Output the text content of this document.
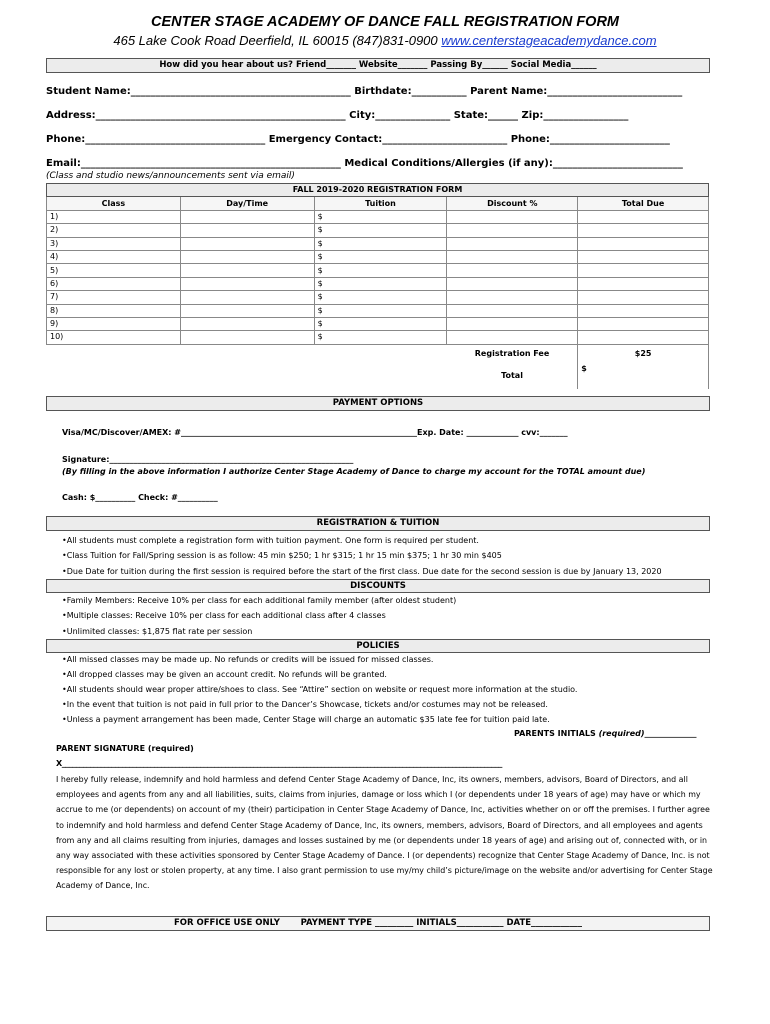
CENTER STAGE ACADEMY OF DANCE FALL REGISTRATION FORM
465 Lake Cook Road Deerfield, IL 60015 (847)831-0900 www.centerstageacademydance.com
How did you hear about us? Friend_______ Website_______ Passing By______ Social Media______
Student Name:____________________________________________ Birthdate:___________ Parent Name:___________________________
Address:__________________________________________________ City:_______________ State:______ Zip:_________________
Phone:____________________________________ Emergency Contact:_________________________ Phone:________________________
Email:____________________________________________________ Medical Conditions/Allergies (if any):__________________________
(Class and studio news/announcements sent via email)
FALL 2019-2020 REGISTRATION FORM				
Class	Day/Time	Tuition	Discount %	Total Due
1)		$		
2)		$		
3)		$		
4)		$		
5)		$		
6)		$		
7)		$		
8)		$		
9)		$		
10)		$		
			Registration Fee	$25
			Total	$
PAYMENT OPTIONS
Visa/MC/Discover/AMEX: #___________________________________________________________Exp. Date: _____________ cvv:_______
Signature:_____________________________________________________________
(By filling in the above information I authorize Center Stage Academy of Dance to charge my account for the TOTAL amount due)
Cash: $__________ Check: #__________
REGISTRATION & TUITION
•All students must complete a registration form with tuition payment. One form is required per student.
•Class Tuition for Fall/Spring session is as follow: 45 min $250; 1 hr $315; 1 hr 15 min $375; 1 hr 30 min $405
•Due Date for tuition during the first session is required before the start of the first class. Due date for the second session is due by January 13, 2020
DISCOUNTS
•Family Members: Receive 10% per class for each additional family member (after oldest student)
•Multiple classes: Receive 10% per class for each additional class after 4 classes
•Unlimited classes: $1,875 flat rate per session
POLICIES
•All missed classes may be made up. No refunds or credits will be issued for missed classes.
•All dropped classes may be given an account credit. No refunds will be granted.
•All students should wear proper attire/shoes to class. See “Attire” section on website or request more information at the studio.
•In the event that tuition is not paid in full prior to the Dancer’s Showcase, tickets and/or costumes may not be released.
•Unless a payment arrangement has been made, Center Stage will charge an automatic $35 late fee for tuition paid late.
PARENTS INITIALS (required)_____________
PARENT SIGNATURE (required)
X____________________________________________________________________________________________________________________________
I hereby fully release, indemnify and hold harmless and defend Center Stage Academy of Dance, Inc, its owners, members, advisors, Board of Directors, and all employees and agents from any and all liabilities, suits, claims from injuries, damage or loss which I (or dependents under 18 years of age) may have or which my accrue to me (or dependents) on account of my (their) participation in Center Stage Academy of Dance, Inc, activities whether on or off the premises. I further agree to indemnify and hold harmless and defend Center Stage Academy of Dance, Inc, its owners, members, advisors, Board of Directors, and all employees and agents from any and all claims resulting from injuries, damages and losses sustained by me (or dependents under 18 years of age) and arising out of, connected with, or in any way associated with these activities sponsored by Center Stage Academy of Dance. I (or dependents) recognize that Center Stage Academy of Dance, Inc. is not responsible for any lost or stolen property, at any time. I also grant permission to use my/my child’s picture/image on the website and/or advertising for Center Stage Academy of Dance, Inc.
FOR OFFICE USE ONLY PAYMENT TYPE _________ INITIALS___________ DATE____________
